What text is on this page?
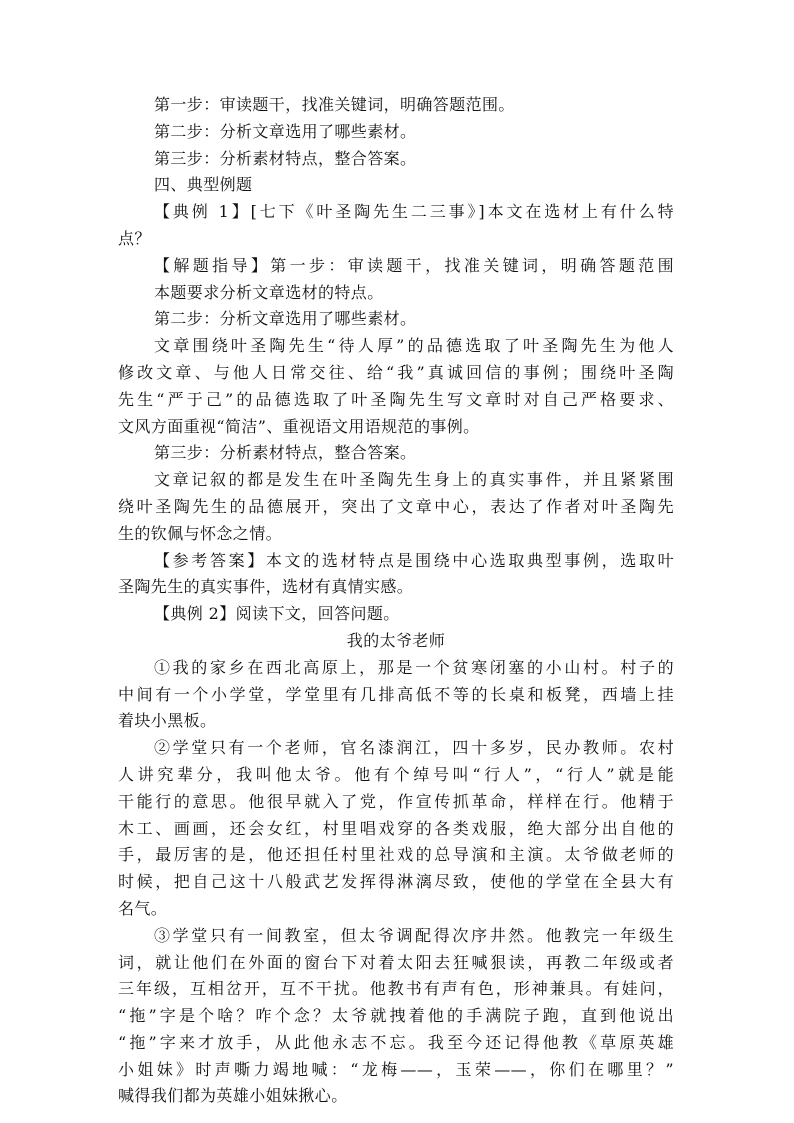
第一步：审读题干，找准关键词，明确答题范围。
第二步：分析文章选用了哪些素材。
第三步：分析素材特点，整合答案。
四、典型例题
【典例 1】[七下《叶圣陶先生二三事》]本文在选材上有什么特
点？
【解题指导】第一步：审读题干，找准关键词，明确答题范围
本题要求分析文章选材的特点。
第二步：分析文章选用了哪些素材。
文章围绕叶圣陶先生“待人厚”的品德选取了叶圣陶先生为他人
修改文章、与他人日常交往、给“我”真诚回信的事例；围绕叶圣陶
先生“严于己”的品德选取了叶圣陶先生写文章时对自己严格要求、
文风方面重视“简洁”、重视语文用语规范的事例。
第三步：分析素材特点，整合答案。
文章记叙的都是发生在叶圣陶先生身上的真实事件，并且紧紧围
绕叶圣陶先生的品德展开，突出了文章中心，表达了作者对叶圣陶先
生的钦佩与怀念之情。
【参考答案】本文的选材特点是围绕中心选取典型事例，选取叶
圣陶先生的真实事件，选材有真情实感。
【典例 2】阅读下文，回答问题。
我的太爷老师
①我的家乡在西北高原上，那是一个贫寒闭塞的小山村。村子的
中间有一个小学堂，学堂里有几排高低不等的长桌和板凳，西墙上挂
着块小黑板。
②学堂只有一个老师，官名漆润江，四十多岁，民办教师。农村
人讲究辈分，我叫他太爷。他有个绰号叫“行人”，“行人”就是能
干能行的意思。他很早就入了党，作宣传抓革命，样样在行。他精于
木工、画画，还会女红，村里唱戏穿的各类戏服，绝大部分出自他的
手，最厉害的是，他还担任村里社戏的总导演和主演。太爷做老师的
时候，把自己这十八般武艺发挥得淋漓尽致，使他的学堂在全县大有
名气。
③学堂只有一间教室，但太爷调配得次序井然。他教完一年级生
词，就让他们在外面的窗台下对着太阳去狂喊狠读，再教二年级或者
三年级，互相岔开，互不干扰。他教书有声有色，形神兼具。有娃问，
“拖”字是个啥？咋个念？太爷就拽着他的手满院子跑，直到他说出
“拖”字来才放手，从此他永志不忘。我至今还记得他教《草原英雄
小姐妹》时声嘶力竭地喊：“龙梅——，玉荣——，你们在哪里？”
喊得我们都为英雄小姐妹揪心。
